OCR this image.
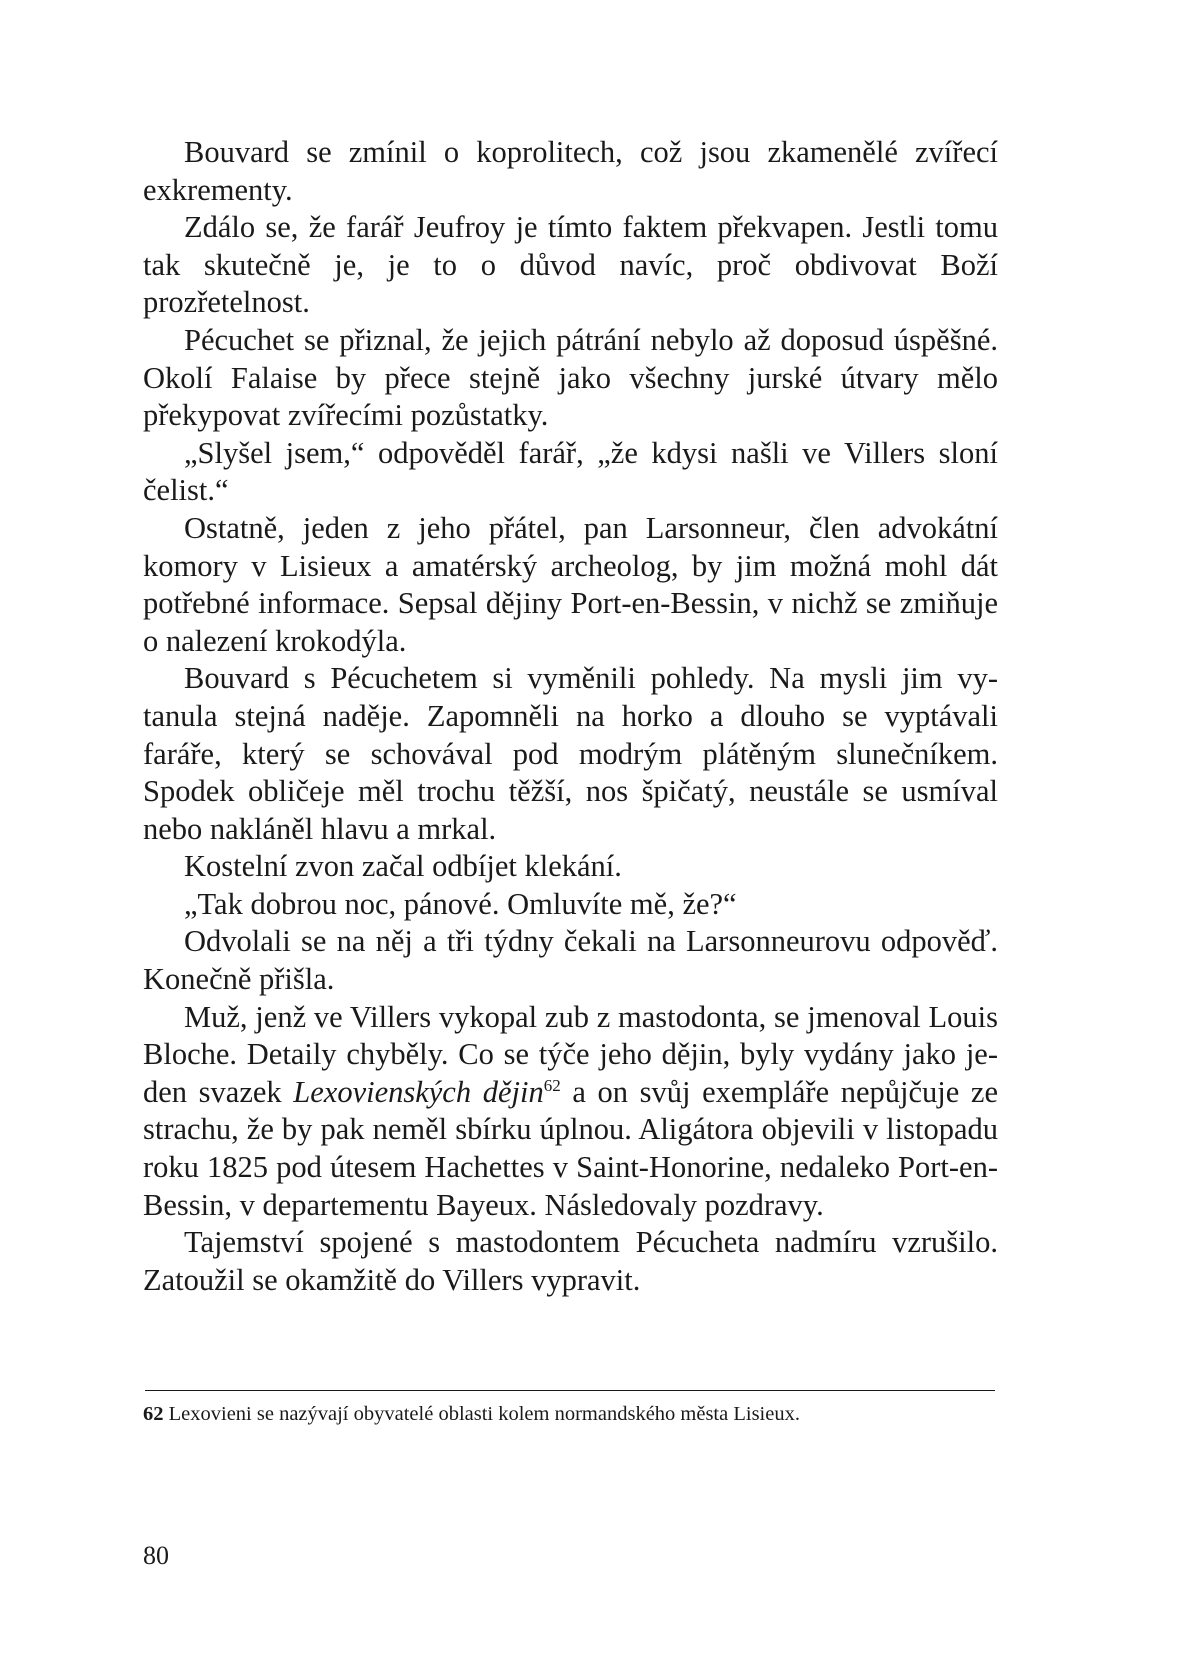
Bouvard se zmínil o koprolitech, což jsou zkamenělé zvířecí exkrementy.

Zdálo se, že farář Jeufroy je tímto faktem překvapen. Jestli tomu tak skutečně je, je to o důvod navíc, proč obdivovat Boží prozřetelnost.

Pécuchet se přiznal, že jejich pátrání nebylo až doposud úspěšné. Okolí Falaise by přece stejně jako všechny jurské útvary mělo překypovat zvířecími pozůstatky.

„Slyšel jsem,“ odpověděl farář, „že kdysi našli ve Villers sloní čelist.“

Ostatně, jeden z jeho přátel, pan Larsonneur, člen advokátní komory v Lisieux a amatérský archeolog, by jim možná mohl dát potřebné informace. Sepsal dějiny Port-en-Bessin, v nichž se zmiňuje o nalezení krokodýla.

Bouvard s Pécuchetem si vyměnili pohledy. Na mysli jim vytanula stejná naděje. Zapomněli na horko a dlouho se vyptávali faráře, který se schovával pod modrým plátěným slunečníkem. Spodek obličeje měl trochu těžší, nos špičatý, neustále se usmíval nebo nakláněl hlavu a mrkal.

Kostelní zvon začal odbíjet klekání.

„Tak dobrou noc, pánové. Omluvíte mě, že?“

Odvolali se na něj a tři týdny čekali na Larsonneurovu odpověď. Konečně přišla.

Muž, jenž ve Villers vykopal zub z mastodonta, se jmenoval Louis Bloche. Detaily chyběly. Co se týče jeho dějin, byly vydány jako jeden svazek Lexovienských dějin$^{62}$ a on svůj exempláře nepůjčuje ze strachu, že by pak neměl sbírku úplnou. Aligátora objevili v listopadu roku 1825 pod útesem Hachettes v Saint-Honorine, nedaleko Port-en-Bessin, v departementu Bayeux. Následovaly pozdravy.

Tajemství spojené s mastodontem Pécucheta nadmíru vzrušilo. Zatoužil se okamžitě do Villers vypravit.

62 Lexovieni se nazývají obyvatelé oblasti kolem normandského města Lisieux.
80
